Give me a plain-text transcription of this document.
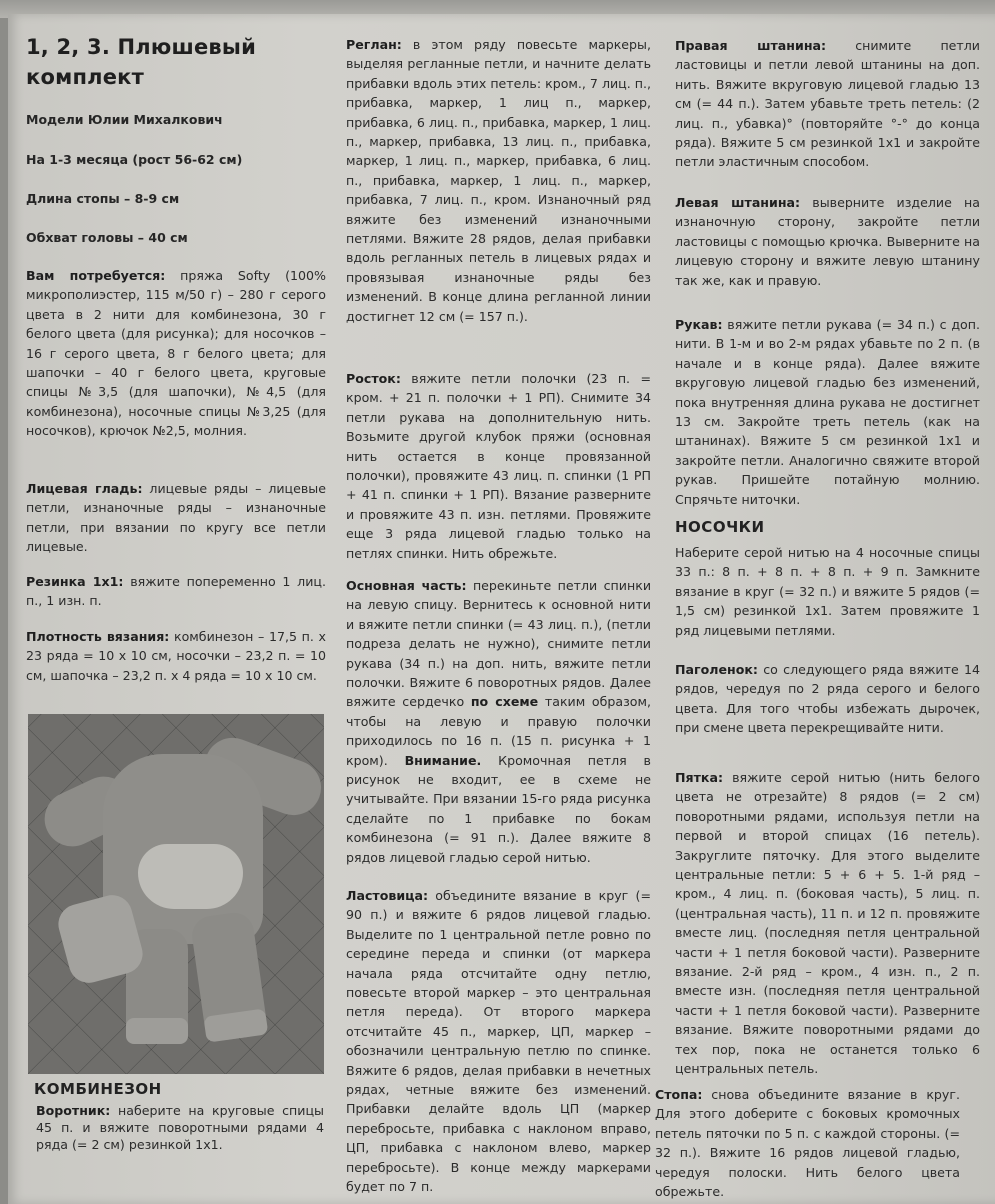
1, 2, 3. Плюшевый комплект
Модели Юлии Михалкович
На 1-3 месяца (рост 56-62 см)
Длина стопы – 8-9 см
Обхват головы – 40 см
Вам потребуется: пряжа Softy (100% микрополиэстер, 115 м/50 г) – 280 г серого цвета в 2 нити для комбинезона, 30 г белого цвета (для рисунка); для носочков – 16 г серого цвета, 8 г белого цвета; для шапочки – 40 г белого цвета, круговые спицы №3,5 (для шапочки), №4,5 (для комбинезона), носочные спицы №3,25 (для носочков), крючок №2,5, молния.
Лицевая гладь: лицевые ряды – лицевые петли, изнаночные ряды – изнаночные петли, при вязании по кругу все петли лицевые.
Резинка 1х1: вяжите попеременно 1 лиц. п., 1 изн. п.
Плотность вязания: комбинезон – 17,5 п. х 23 ряда = 10 х 10 см, носочки – 23,2 п. = 10 см, шапочка – 23,2 п. х 4 ряда = 10 х 10 см.
КОМБИНЕЗОН
Воротник: наберите на круговые спицы 45 п. и вяжите поворотными рядами 4 ряда (= 2 см) резинкой 1х1.
Реглан: в этом ряду повесьте маркеры, выделяя регланные петли, и начните делать прибавки вдоль этих петель: кром., 7 лиц. п., прибавка, маркер, 1 лиц п., маркер, прибавка, 6 лиц. п., прибавка, маркер, 1 лиц. п., маркер, прибавка, 13 лиц. п., прибавка, маркер, 1 лиц. п., маркер, прибавка, 6 лиц. п., прибавка, маркер, 1 лиц. п., маркер, прибавка, 7 лиц. п., кром. Изнаночный ряд вяжите без изменений изнаночными петлями. Вяжите 28 рядов, делая прибавки вдоль регланных петель в лицевых рядах и провязывая изнаночные ряды без изменений. В конце длина регланной линии достигнет 12 см (= 157 п.).
Росток: вяжите петли полочки (23 п. = кром. + 21 п. полочки + 1 РП). Снимите 34 петли рукава на дополнительную нить. Возьмите другой клубок пряжи (основная нить остается в конце провязанной полочки), провяжите 43 лиц. п. спинки (1 РП + 41 п. спинки + 1 РП). Вязание разверните и провяжите 43 п. изн. петлями. Провяжите еще 3 ряда лицевой гладью только на петлях спинки. Нить обрежьте.
Основная часть: перекиньте петли спинки на левую спицу. Вернитесь к основной нити и вяжите петли спинки (= 43 лиц. п.), (петли подреза делать не нужно), снимите петли рукава (34 п.) на доп. нить, вяжите петли полочки. Вяжите 6 поворотных рядов. Далее вяжите сердечко по схеме таким образом, чтобы на левую и правую полочки приходилось по 16 п. (15 п. рисунка + 1 кром). Внимание. Кромочная петля в рисунок не входит, ее в схеме не учитывайте. При вязании 15-го ряда рисунка сделайте по 1 прибавке по бокам комбинезона (= 91 п.). Далее вяжите 8 рядов лицевой гладью серой нитью.
Ластовица: объедините вязание в круг (= 90 п.) и вяжите 6 рядов лицевой гладью. Выделите по 1 центральной петле ровно по середине переда и спинки (от маркера начала ряда отсчитайте одну петлю, повесьте второй маркер – это центральная петля переда). От второго маркера отсчитайте 45 п., маркер, ЦП, маркер – обозначили центральную петлю по спинке. Вяжите 6 рядов, делая прибавки в нечетных рядах, четные вяжите без изменений. Прибавки делайте вдоль ЦП (маркер перебросьте, прибавка с наклоном вправо, ЦП, прибавка с наклоном влево, маркер перебросьте). В конце между маркерами будет по 7 п.
Правая штанина: снимите петли ластовицы и петли левой штанины на доп. нить. Вяжите вкруговую лицевой гладью 13 см (= 44 п.). Затем убавьте треть петель: (2 лиц. п., убавка)° (повторяйте °-° до конца ряда). Вяжите 5 см резинкой 1х1 и закройте петли эластичным способом.
Левая штанина: выверните изделие на изнаночную сторону, закройте петли ластовицы с помощью крючка. Выверните на лицевую сторону и вяжите левую штанину так же, как и правую.
Рукав: вяжите петли рукава (= 34 п.) с доп. нити. В 1-м и во 2-м рядах убавьте по 2 п. (в начале и в конце ряда). Далее вяжите вкруговую лицевой гладью без изменений, пока внутренняя длина рукава не достигнет 13 см. Закройте треть петель (как на штанинах). Вяжите 5 см резинкой 1х1 и закройте петли. Аналогично свяжите второй рукав. Пришейте потайную молнию. Спрячьте ниточки.
НОСОЧКИ
Наберите серой нитью на 4 носочные спицы 33 п.: 8 п. + 8 п. + 8 п. + 9 п. Замкните вязание в круг (= 32 п.) и вяжите 5 рядов (= 1,5 см) резинкой 1х1. Затем провяжите 1 ряд лицевыми петлями.
Паголенок: со следующего ряда вяжите 14 рядов, чередуя по 2 ряда серого и белого цвета. Для того чтобы избежать дырочек, при смене цвета перекрещивайте нити.
Пятка: вяжите серой нитью (нить белого цвета не отрезайте) 8 рядов (= 2 см) поворотными рядами, используя петли на первой и второй спицах (16 петель). Закруглите пяточку. Для этого выделите центральные петли: 5 + 6 + 5. 1-й ряд – кром., 4 лиц. п. (боковая часть), 5 лиц. п. (центральная часть), 11 п. и 12 п. провяжите вместе лиц. (последняя петля центральной части + 1 петля боковой части). Разверните вязание. 2-й ряд – кром., 4 изн. п., 2 п. вместе изн. (последняя петля центральной части + 1 петля боковой части). Разверните вязание. Вяжите поворотными рядами до тех пор, пока не останется только 6 центральных петель.
Стопа: снова объедините вязание в круг. Для этого доберите с боковых кромочных петель пяточки по 5 п. с каждой стороны. (= 32 п.). Вяжите 16 рядов лицевой гладью, чередуя полоски. Нить белого цвета обрежьте.
